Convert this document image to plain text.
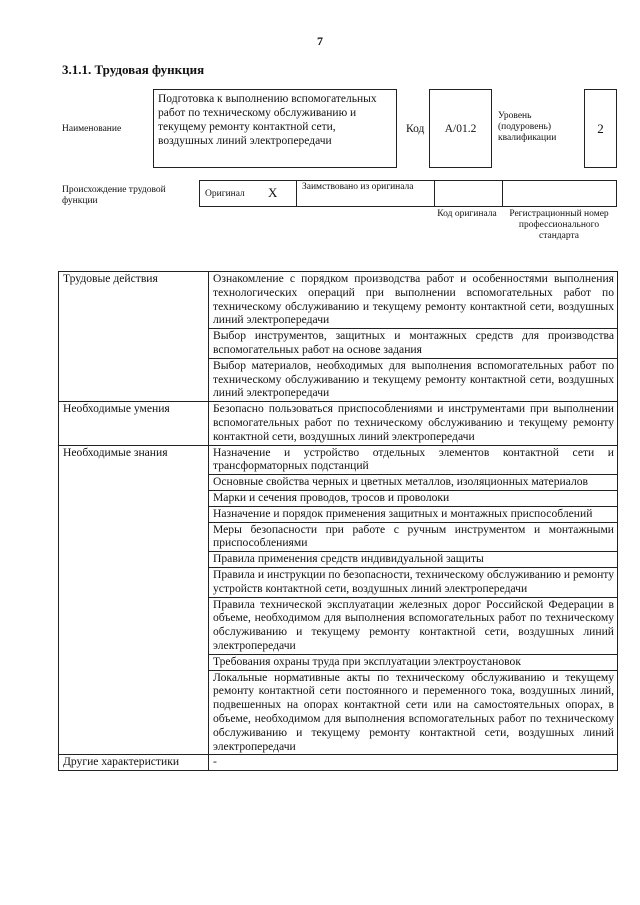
7
3.1.1. Трудовая функция
Наименование
Подготовка к выполнению вспомогательных работ по техническому обслуживанию и текущему ремонту контактной сети, воздушных линий электропередачи
Код A/01.2
Уровень (подуровень) квалификации
2
Происхождение трудовой функции
Оригинал X	Заимствовано из оригинала
Код оригинала	Регистрационный номер профессионального стандарта
Трудовые действия	Ознакомление с порядком производства работ и особенностями выполнения технологических операций при выполнении вспомогательных работ по техническому обслуживанию и текущему ремонту контактной сети, воздушных линий электропередачи
	Выбор инструментов, защитных и монтажных средств для производства вспомогательных работ на основе задания
	Выбор материалов, необходимых для выполнения вспомогательных работ по техническому обслуживанию и текущему ремонту контактной сети, воздушных линий электропередачи
Необходимые умения	Безопасно пользоваться приспособлениями и инструментами при выполнении вспомогательных работ по техническому обслуживанию и текущему ремонту контактной сети, воздушных линий электропередачи
Необходимые знания	Назначение и устройство отдельных элементов контактной сети и трансформаторных подстанций
	Основные свойства черных и цветных металлов, изоляционных материалов
	Марки и сечения проводов, тросов и проволоки
	Назначение и порядок применения защитных и монтажных приспособлений
	Меры безопасности при работе с ручным инструментом и монтажными приспособлениями
	Правила применения средств индивидуальной защиты
	Правила и инструкции по безопасности, техническому обслуживанию и ремонту устройств контактной сети, воздушных линий электропередачи
	Правила технической эксплуатации железных дорог Российской Федерации в объеме, необходимом для выполнения вспомогательных работ по техническому обслуживанию и текущему ремонту контактной сети, воздушных линий электропередачи
	Требования охраны труда при эксплуатации электроустановок
	Локальные нормативные акты по техническому обслуживанию и текущему ремонту контактной сети постоянного и переменного тока, воздушных линий, подвешенных на опорах контактной сети или на самостоятельных опорах, в объеме, необходимом для выполнения вспомогательных работ по техническому обслуживанию и текущему ремонту контактной сети, воздушных линий электропередачи
Другие характеристики	-
